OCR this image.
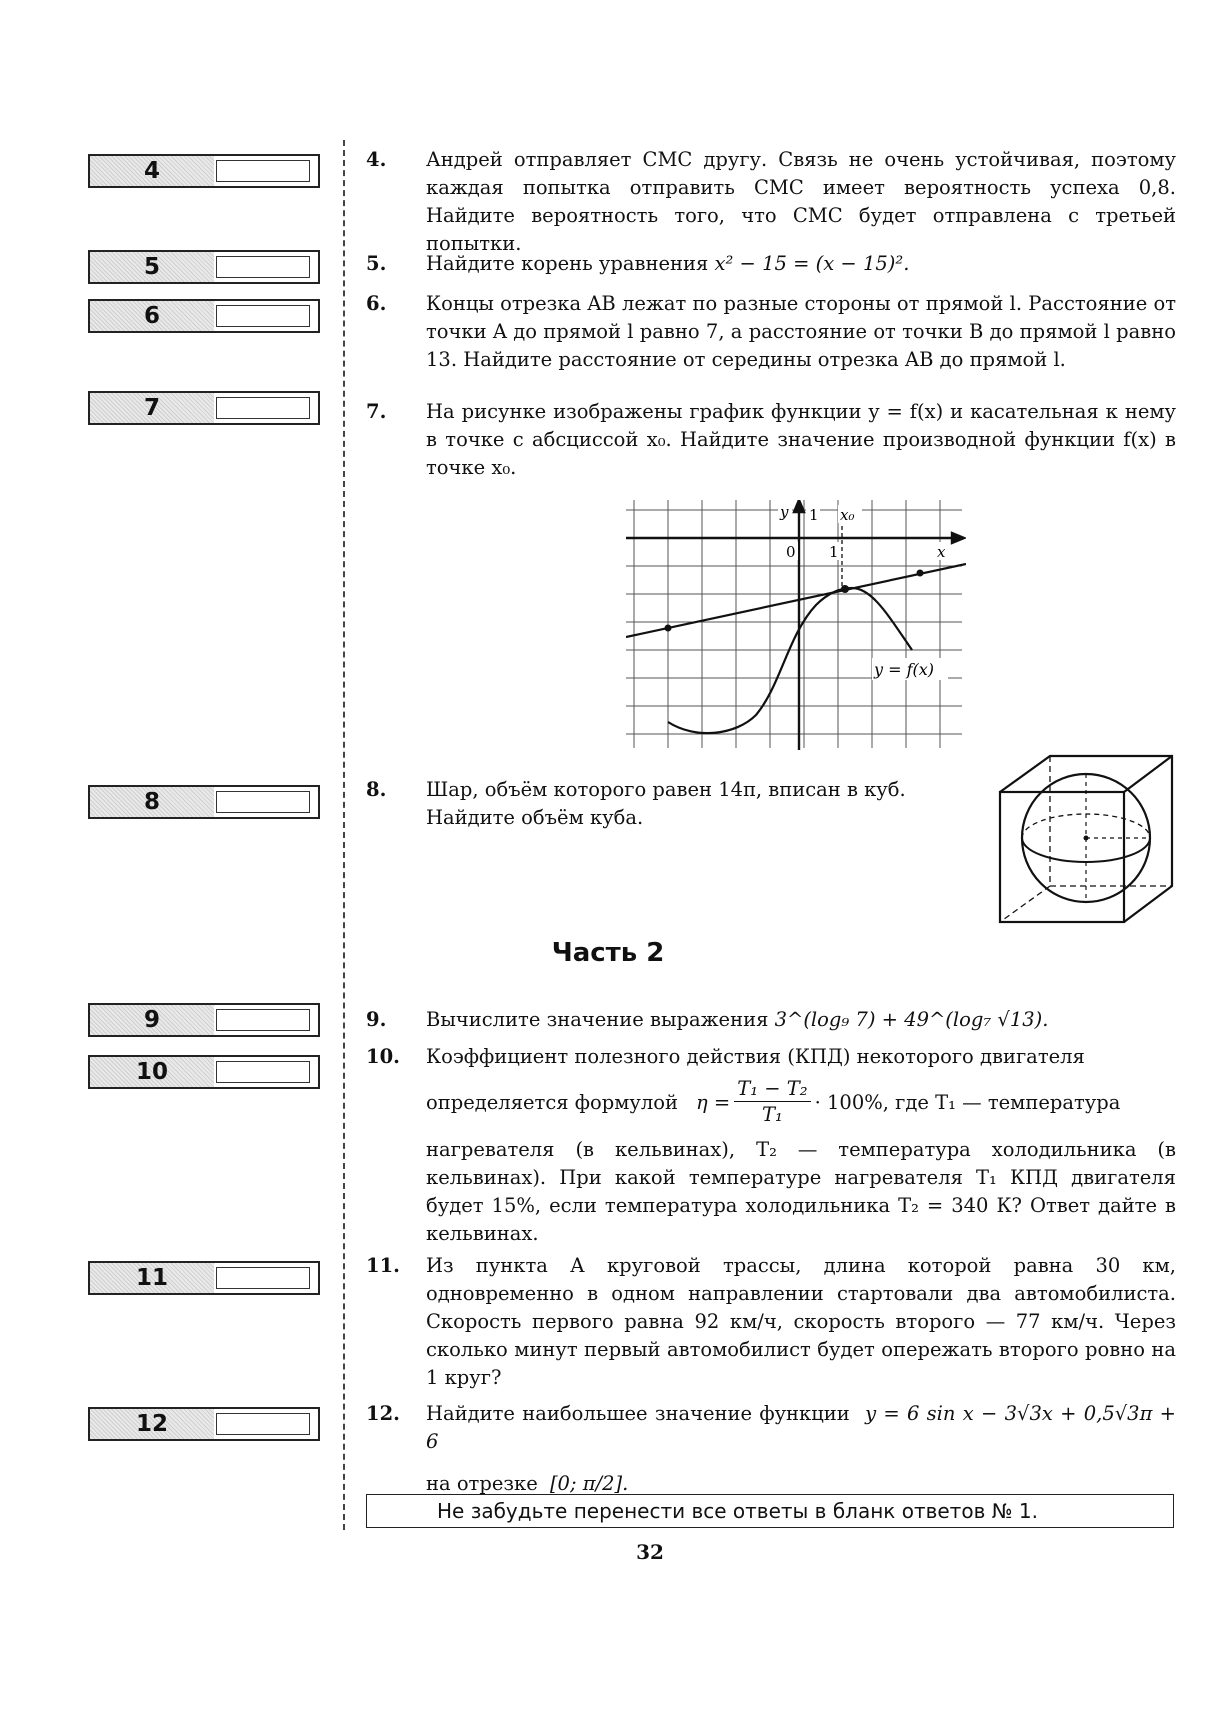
4
5
6
7
8
9
10
11
12
4. Андрей отправляет СМС другу. Связь не очень устойчивая, поэтому каждая попытка отправить СМС имеет вероятность успеха 0,8. Найдите вероятность того, что СМС будет отправлена с третьей попытки.
5. Найдите корень уравнения x² − 15 = (x − 15)².
6. Концы отрезка AB лежат по разные стороны от прямой l. Расстояние от точки A до прямой l равно 7, а расстояние от точки B до прямой l равно 13. Найдите расстояние от середины отрезка AB до прямой l.
7. На рисунке изображены график функции y = f(x) и касательная к нему в точке с абсциссой x₀. Найдите значение производной функции f(x) в точке x₀.
y 1 x₀
0 1	x
y = f(x)
8. Шар, объём которого равен 14π, вписан в куб. Найдите объём куба.
Часть 2
9. Вычислите значение выражения 3^(log₉ 7) + 49^(log₇ √13).
10. Коэффициент полезного действия (КПД) некоторого двигателя
определяется формулой $\eta = \frac{\text{T₁ − T₂}}{\text{T₁}} \cdot 100\%$, где T₁ — температура
нагревателя (в кельвинах), T₂ — температура холодильника (в кельвинах). При какой температуре нагревателя T₁ КПД двигателя будет 15%, если температура холодильника T₂ = 340 К? Ответ дайте в кельвинах.
11. Из пункта А круговой трассы, длина которой равна 30 км, одновременно в одном направлении стартовали два автомобилиста. Скорость первого равна 92 км/ч, скорость второго — 77 км/ч. Через сколько минут первый автомобилист будет опережать второго ровно на 1 круг?
12. Найдите наибольшее значение функции y = 6 sin x − 3√3x + 0,5√3π + 6
на отрезке [0; π/2].
Не забудьте перенести все ответы в бланк ответов № 1.
32
